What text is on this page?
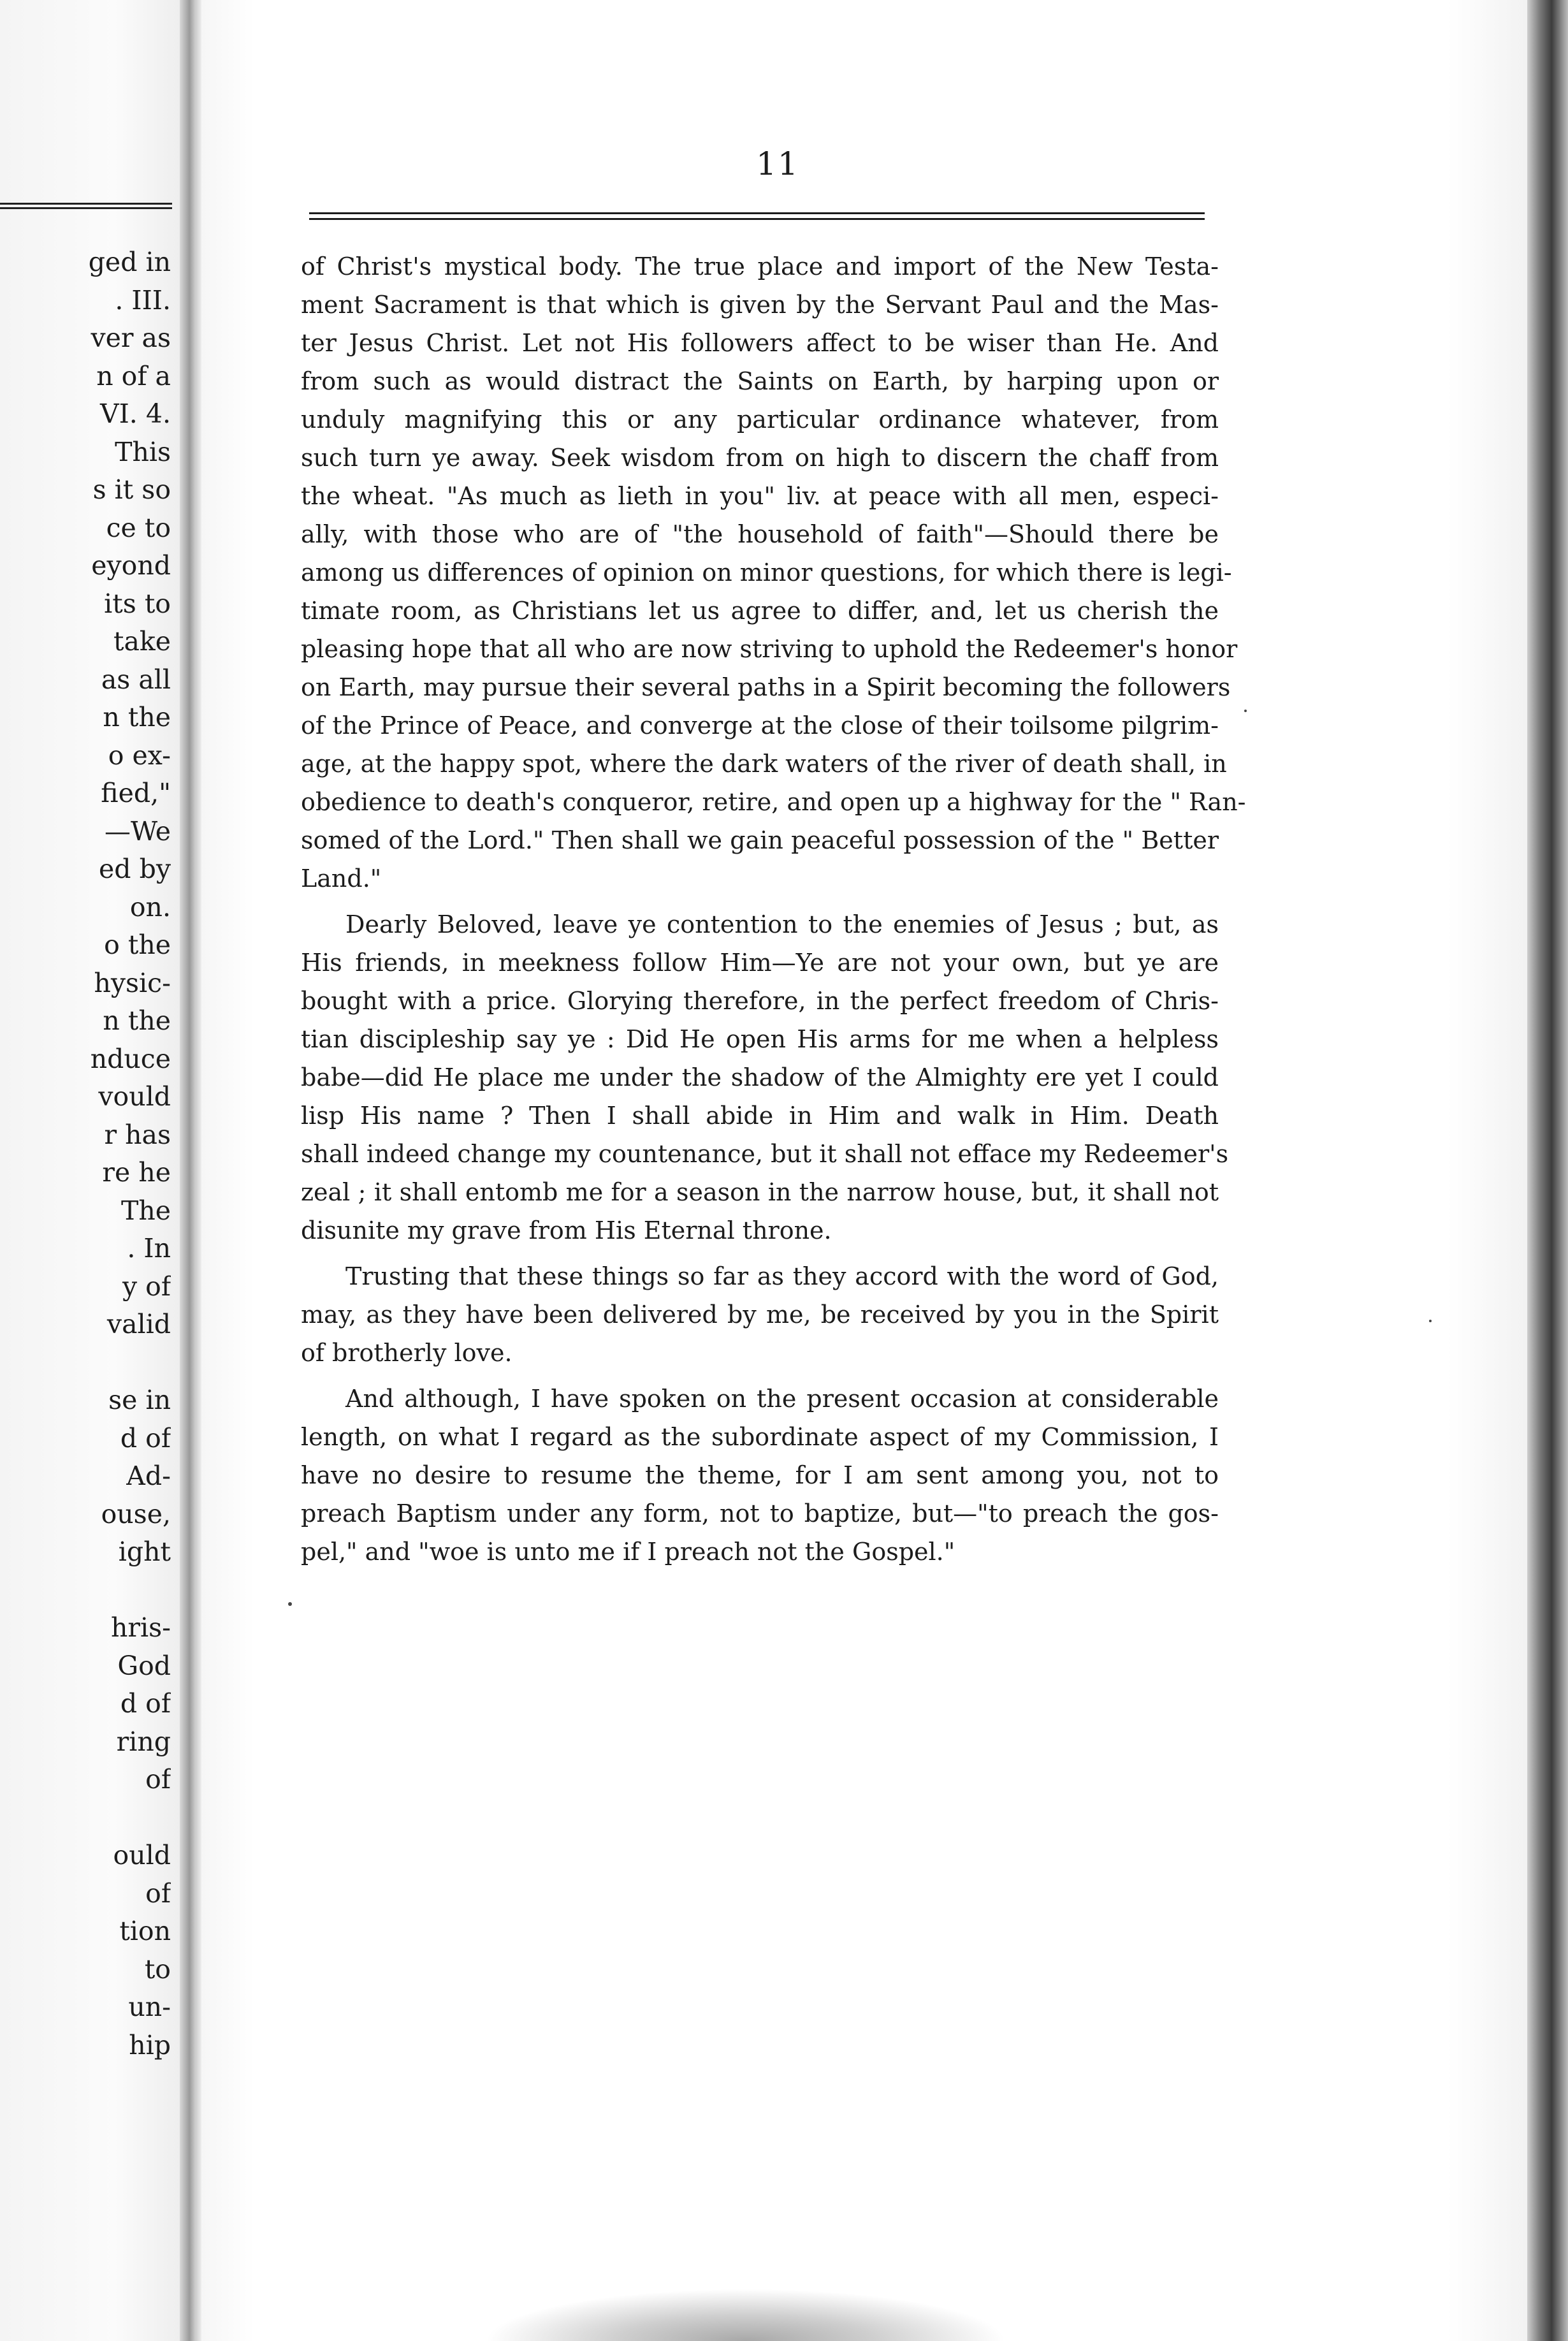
ged in
. III.
ver as
n of a
VI. 4.
This
s it so
ce to
eyond
its to
take
as all
n the
o ex-
fied,"
—We
ed by
on.
o the
hysic-
n the
nduce
vould
r has
re he
The
. In
y of
valid
se in
d of
Ad-
ouse,
ight
hris-
God
d of
ring
of
ould
of
tion
to
un-
hip
11

of Christ's mystical body. The true place and import of the New Testa-
ment Sacrament is that which is given by the Servant Paul and the Mas-
ter Jesus Christ. Let not His followers affect to be wiser than He. And
from such as would distract the Saints on Earth, by harping upon or
unduly magnifying this or any particular ordinance whatever, from
such turn ye away. Seek wisdom from on high to discern the chaff from
the wheat. "As much as lieth in you" liv. at peace with all men, especi-
ally, with those who are of "the household of faith"—Should there be
among us differences of opinion on minor questions, for which there is legi-
timate room, as Christians let us agree to differ, and, let us cherish the
pleasing hope that all who are now striving to uphold the Redeemer's honor
on Earth, may pursue their several paths in a Spirit becoming the followers
of the Prince of Peace, and converge at the close of their toilsome pilgrim-
age, at the happy spot, where the dark waters of the river of death shall, in
obedience to death's conqueror, retire, and open up a highway for the " Ran-
somed of the Lord." Then shall we gain peaceful possession of the " Better
Land."

Dearly Beloved, leave ye contention to the enemies of Jesus ; but, as
His friends, in meekness follow Him—Ye are not your own, but ye are
bought with a price. Glorying therefore, in the perfect freedom of Chris-
tian discipleship say ye : Did He open His arms for me when a helpless
babe—did He place me under the shadow of the Almighty ere yet I could
lisp His name ? Then I shall abide in Him and walk in Him. Death
shall indeed change my countenance, but it shall not efface my Redeemer's
zeal ; it shall entomb me for a season in the narrow house, but, it shall not
disunite my grave from His Eternal throne.

Trusting that these things so far as they accord with the word of God,
may, as they have been delivered by me, be received by you in the Spirit
of brotherly love.

And although, I have spoken on the present occasion at considerable
length, on what I regard as the subordinate aspect of my Commission, I
have no desire to resume the theme, for I am sent among you, not to
preach Baptism under any form, not to baptize, but—"to preach the gos-
pel," and "woe is unto me if I preach not the Gospel."
